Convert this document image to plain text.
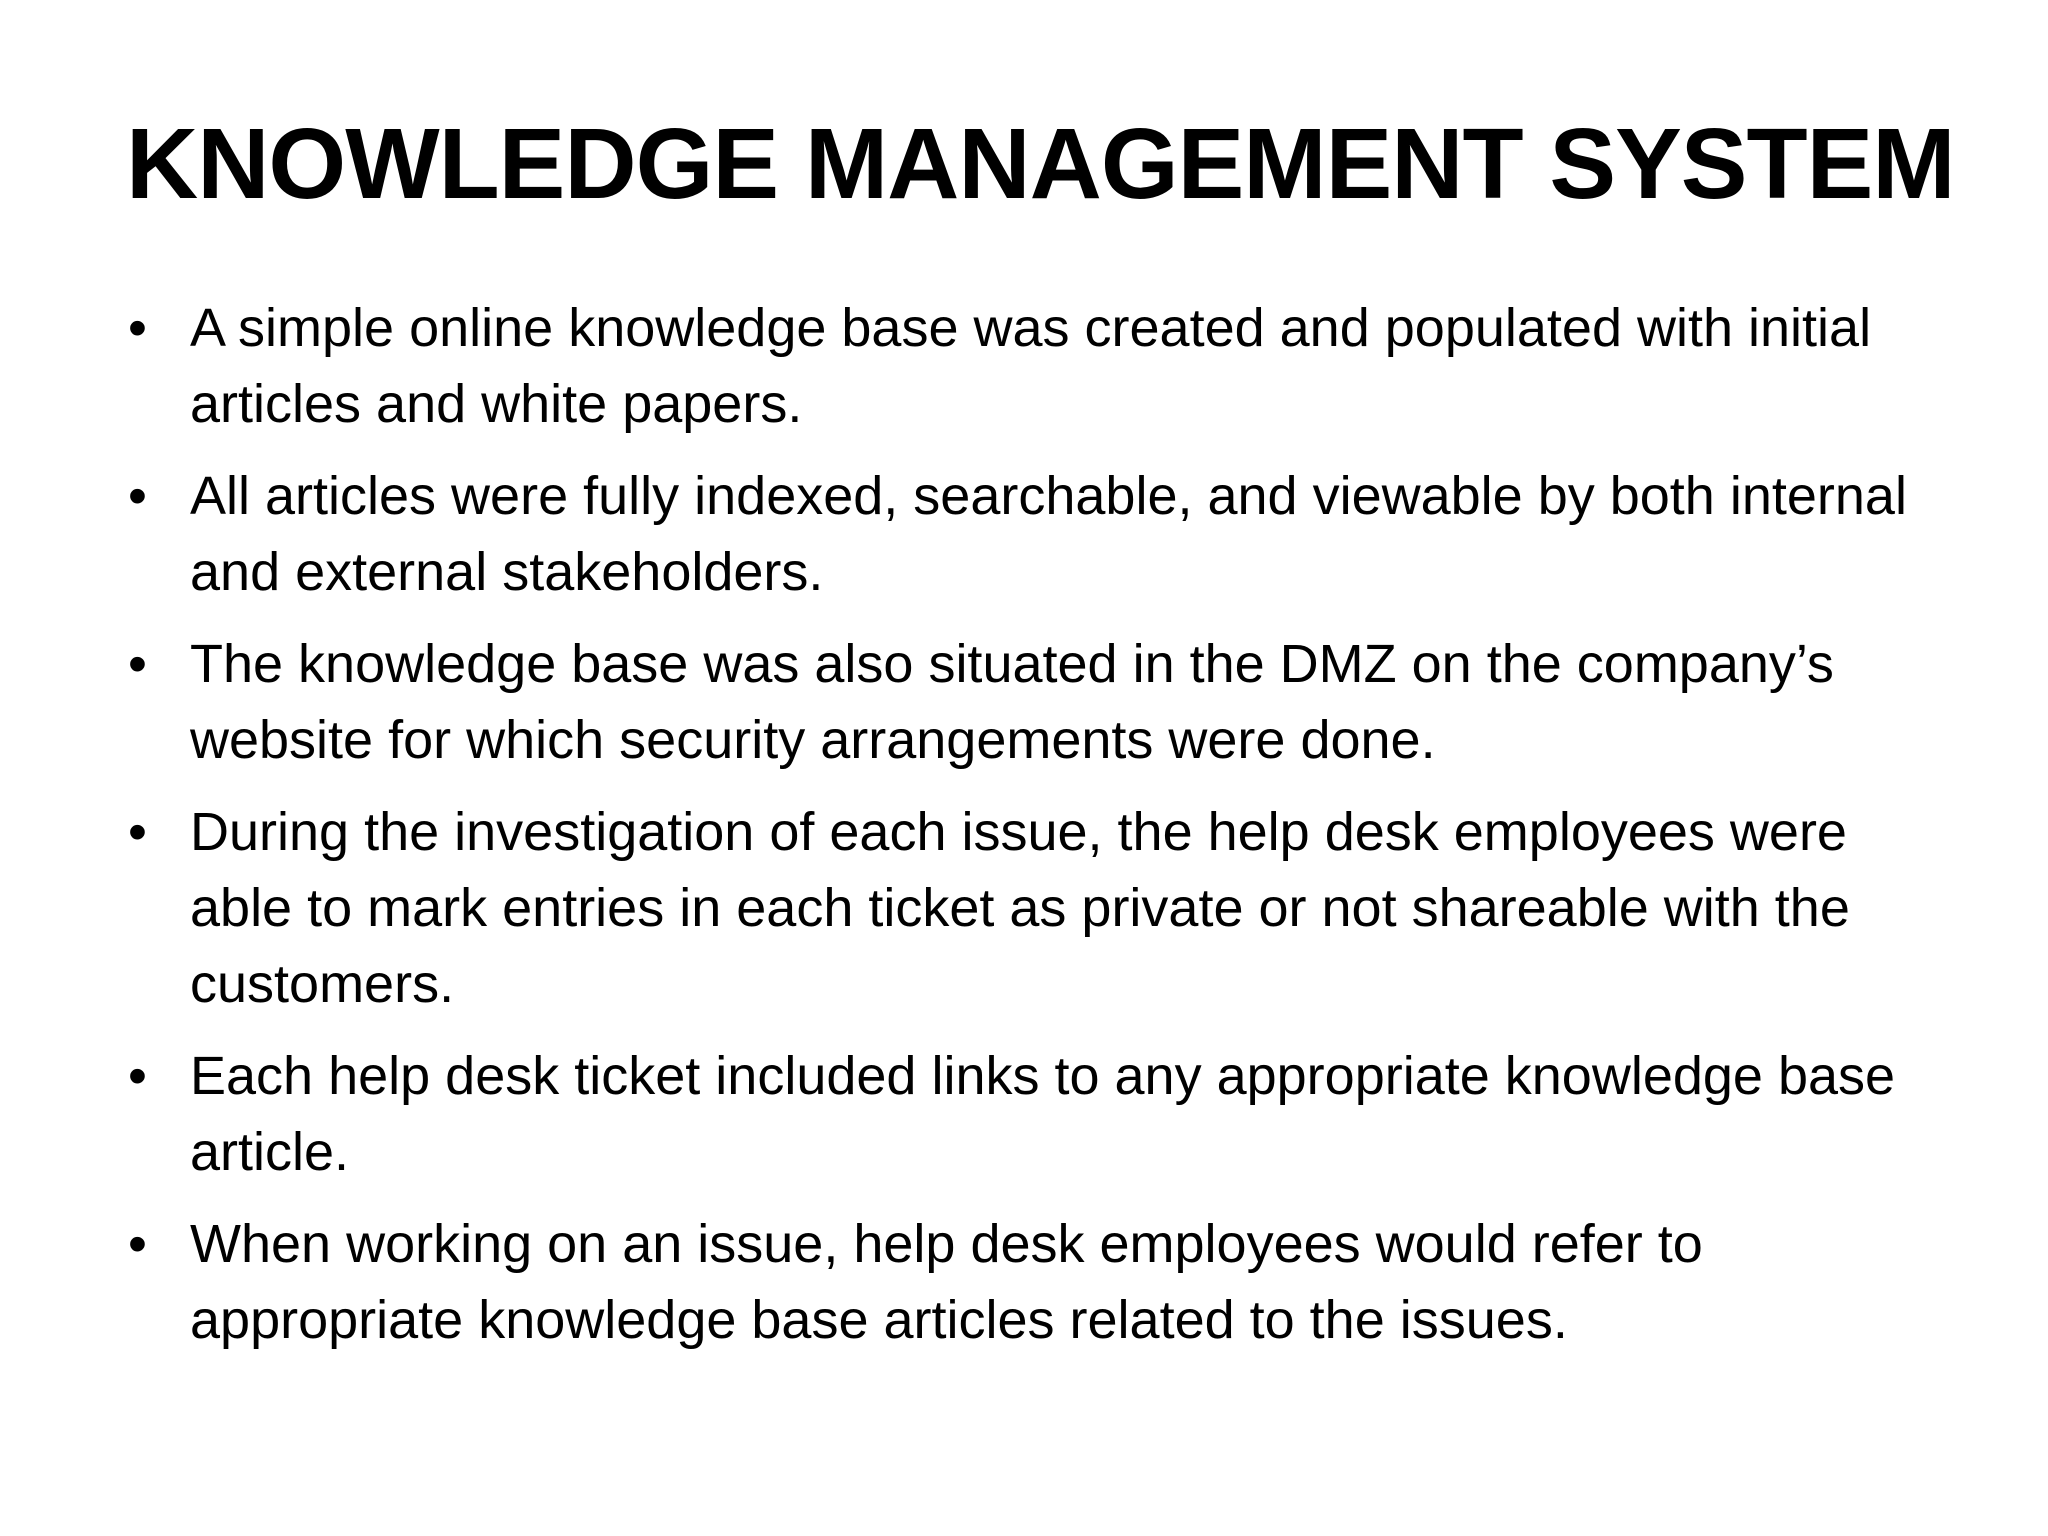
KNOWLEDGE MANAGEMENT SYSTEM
• A simple online knowledge base was created and populated with initial articles and white papers.
• All articles were fully indexed, searchable, and viewable by both internal and external stakeholders.
• The knowledge base was also situated in the DMZ on the company’s website for which security arrangements were done.
• During the investigation of each issue, the help desk employees were able to mark entries in each ticket as private or not shareable with the customers.
• Each help desk ticket included links to any appropriate knowledge base article.
• When working on an issue, help desk employees would refer to appropriate knowledge base articles related to the issues.
